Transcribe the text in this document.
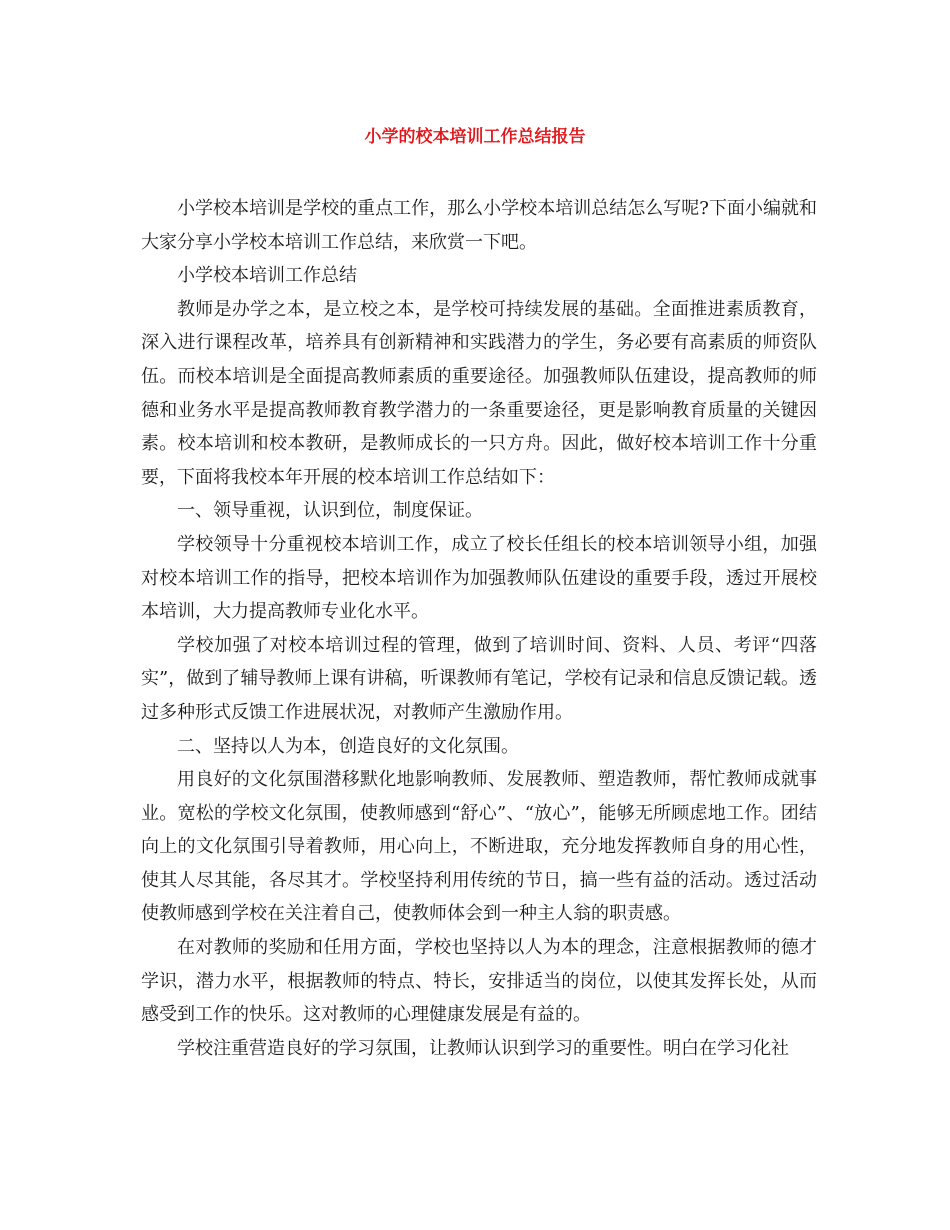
小学的校本培训工作总结报告

小学校本培训是学校的重点工作，那么小学校本培训总结怎么写呢?下面小编就和大家分享小学校本培训工作总结，来欣赏一下吧。

小学校本培训工作总结

教师是办学之本，是立校之本，是学校可持续发展的基础。全面推进素质教育，深入进行课程改革，培养具有创新精神和实践潜力的学生，务必要有高素质的师资队伍。而校本培训是全面提高教师素质的重要途径。加强教师队伍建设，提高教师的师德和业务水平是提高教师教育教学潜力的一条重要途径，更是影响教育质量的关键因素。校本培训和校本教研，是教师成长的一只方舟。因此，做好校本培训工作十分重要，下面将我校本年开展的校本培训工作总结如下：

一、领导重视，认识到位，制度保证。

学校领导十分重视校本培训工作，成立了校长任组长的校本培训领导小组，加强对校本培训工作的指导，把校本培训作为加强教师队伍建设的重要手段，透过开展校本培训，大力提高教师专业化水平。

学校加强了对校本培训过程的管理，做到了培训时间、资料、人员、考评“四落实”，做到了辅导教师上课有讲稿，听课教师有笔记，学校有记录和信息反馈记载。透过多种形式反馈工作进展状况，对教师产生激励作用。

二、坚持以人为本，创造良好的文化氛围。

用良好的文化氛围潜移默化地影响教师、发展教师、塑造教师，帮忙教师成就事业。宽松的学校文化氛围，使教师感到“舒心”、“放心”，能够无所顾虑地工作。团结向上的文化氛围引导着教师，用心向上，不断进取，充分地发挥教师自身的用心性，使其人尽其能，各尽其才。学校坚持利用传统的节日，搞一些有益的活动。透过活动使教师感到学校在关注着自己，使教师体会到一种主人翁的职责感。

在对教师的奖励和任用方面，学校也坚持以人为本的理念，注意根据教师的德才学识，潜力水平，根据教师的特点、特长，安排适当的岗位，以使其发挥长处，从而感受到工作的快乐。这对教师的心理健康发展是有益的。

学校注重营造良好的学习氛围，让教师认识到学习的重要性。明白在学习化社
